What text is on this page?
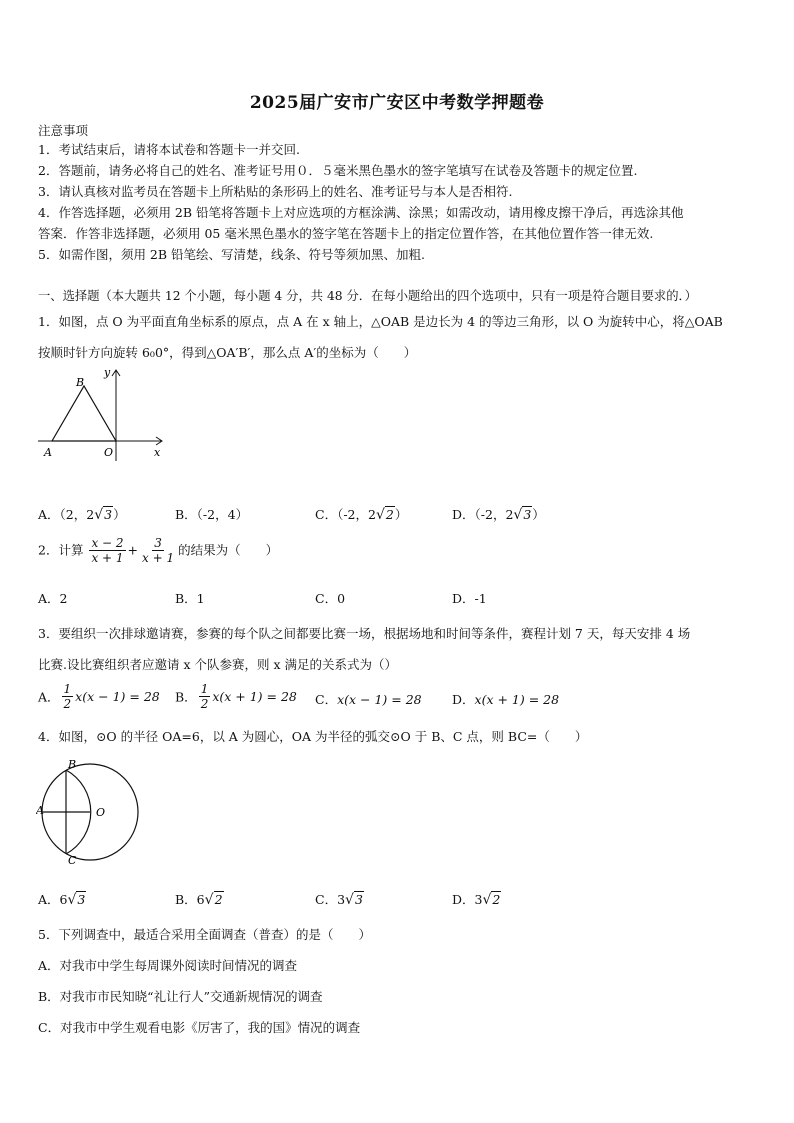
2025届广安市广安区中考数学押题卷
注意事项
1．考试结束后，请将本试卷和答题卡一并交回.
2．答题前，请务必将自己的姓名、准考证号用０．５毫米黑色墨水的签字笔填写在试卷及答题卡的规定位置.
3．请认真核对监考员在答题卡上所粘贴的条形码上的姓名、准考证号与本人是否相符.
4．作答选择题，必须用 2B 铅笔将答题卡上对应选项的方框涂满、涂黑；如需改动，请用橡皮擦干净后，再选涂其他
答案．作答非选择题，必须用 05 毫米黑色墨水的签字笔在答题卡上的指定位置作答，在其他位置作答一律无效.
5．如需作图，须用 2B 铅笔绘、写清楚，线条、符号等须加黑、加粗.
一、选择题（本大题共 12 个小题，每小题 4 分，共 48 分．在每小题给出的四个选项中，只有一项是符合题目要求的．）
1．如图，点 O 为平面直角坐标系的原点，点 A 在 x 轴上，△OAB 是边长为 4 的等边三角形，以 O 为旋转中心，将△OAB
按顺时针方向旋转 6₀0°，得到△OA′B′，那么点 A′的坐标为（　　）
B
y
A	O	x
A．（2，2√3）	B．（-2，4）	C．（-2，2√2）	D．（-2，2√3）
2．计算 $\frac{x - 2}{x + 1} + \frac{3}{x + 1}$ 的结果为（　　）
A．2	B．1	C．0	D．-1
3．要组织一次排球邀请赛，参赛的每个队之间都要比赛一场，根据场地和时间等条件，赛程计划 7 天，每天安排 4 场
比赛.设比赛组织者应邀请 x 个队参赛，则 x 满足的关系式为（）
A． $\frac{1}{2} x(x - 1) = 28$ B． $\frac{1}{2} x(x + 1) = 28$ C．x(x − 1) = 28 D．x(x + 1) = 28
4．如图，⊙O 的半径 OA=6，以 A 为圆心，OA 为半径的弧交⊙O 于 B、C 点，则 BC=（　　）
B
A	O
C
A．6√3	B．6√2	C．3√3	D．3√2
5．下列调查中，最适合采用全面调查（普查）的是（　　）
A．对我市中学生每周课外阅读时间情况的调查
B．对我市市民知晓“礼让行人”交通新规情况的调查
C．对我市中学生观看电影《厉害了，我的国》情况的调查
